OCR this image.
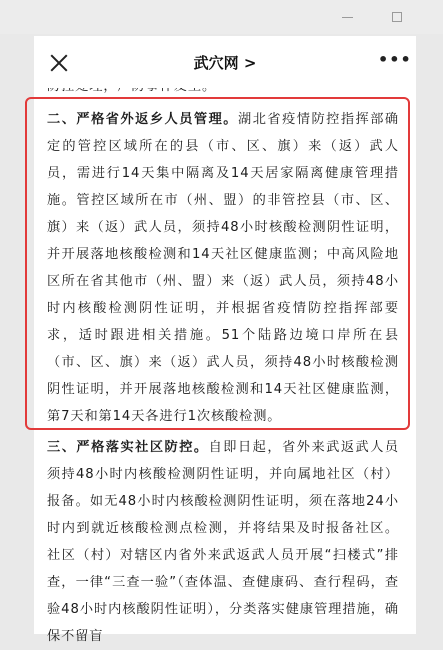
武穴网 >	•••

二、严格省外返乡人员管理。湖北省疫情防控指挥部确定的管控区域所在的县（市、区、旗）来（返）武人员，需进行14天集中隔离及14天居家隔离健康管理措施。管控区域所在市（州、盟）的非管控县（市、区、旗）来（返）武人员，须持48小时核酸检测阴性证明，并开展落地核酸检测和14天社区健康监测；中高风险地区所在省其他市（州、盟）来（返）武人员，须持48小时内核酸检测阴性证明，并根据省疫情防控指挥部要求，适时跟进相关措施。51个陆路边境口岸所在县（市、区、旗）来（返）武人员，须持48小时核酸检测阴性证明，并开展落地核酸检测和14天社区健康监测，第7天和第14天各进行1次核酸检测。

三、严格落实社区防控。自即日起，省外来武返武人员须持48小时内核酸检测阴性证明，并向属地社区（村）报备。如无48小时内核酸检测阴性证明，须在落地24小时内到就近核酸检测点检测，并将结果及时报备社区。社区（村）对辖区内省外来武返武人员开展“扫楼式”排查，一律“三查一验”（查体温、查健康码、查行程码，查验48小时内核酸阴性证明），分类落实健康管理措施，确保不留盲
